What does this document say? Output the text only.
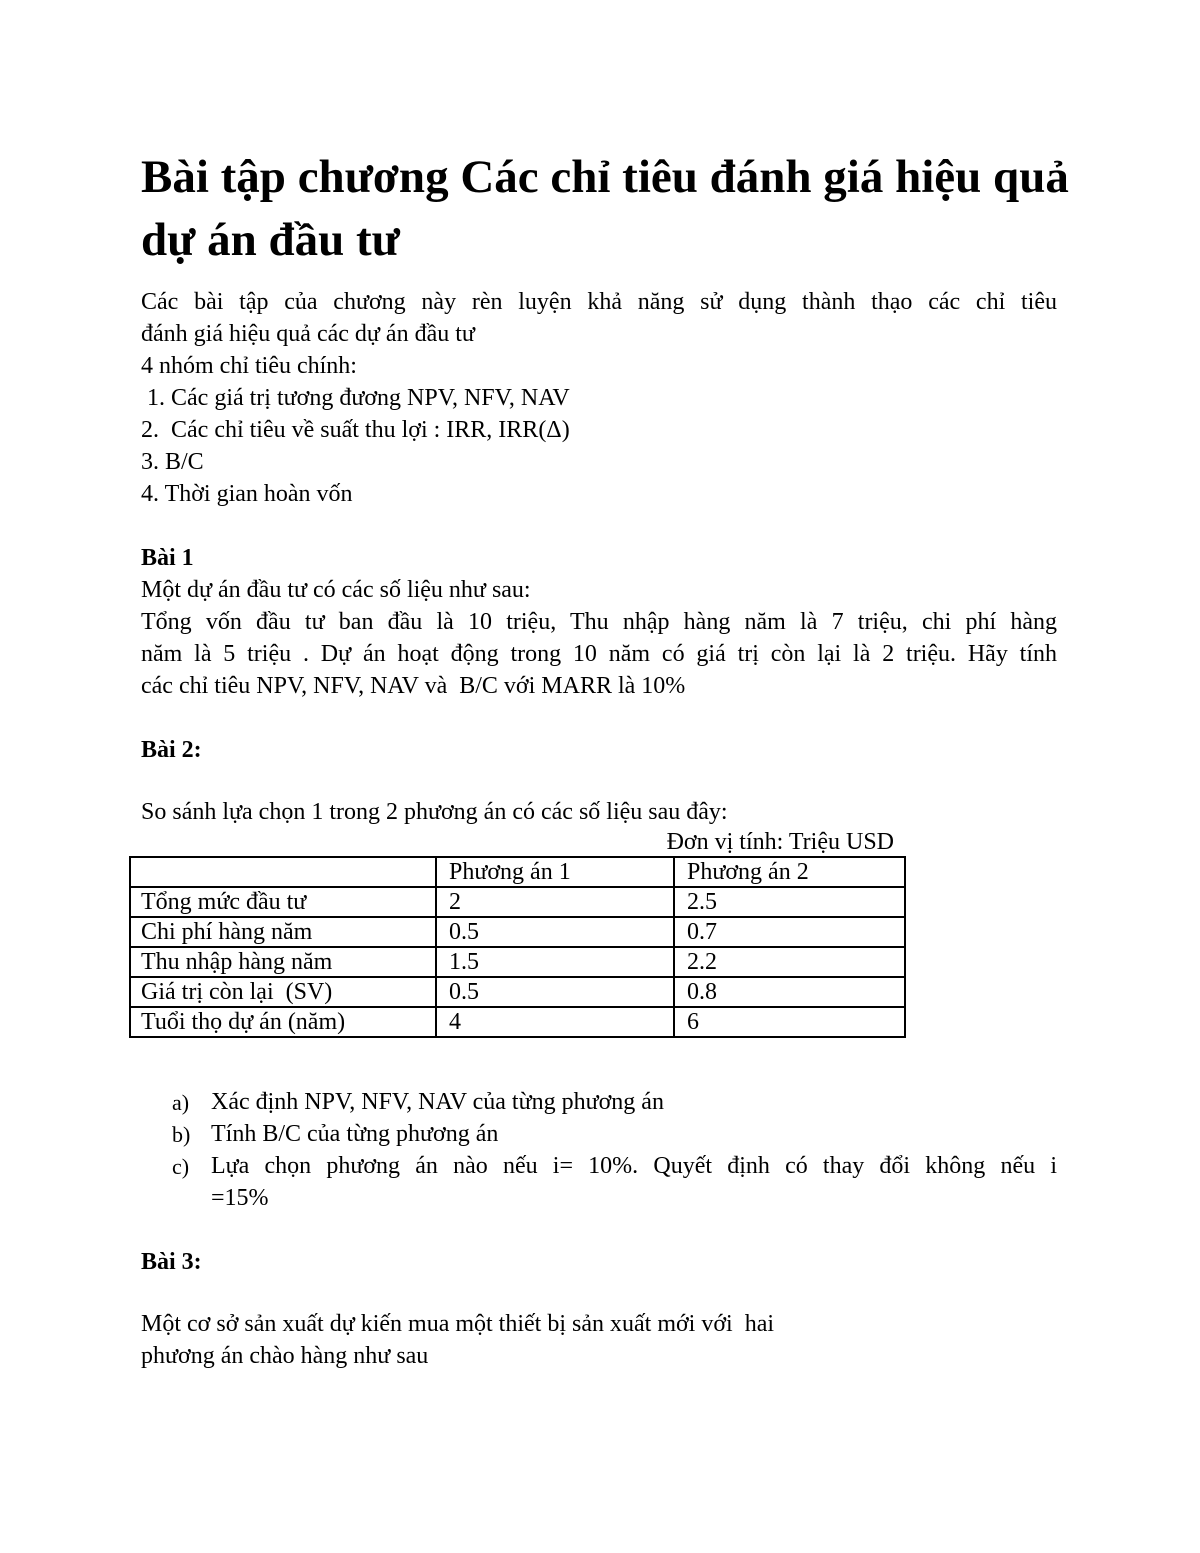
Bài tập chương Các chỉ tiêu đánh giá hiệu quả dự án đầu tư
Các bài tập của chương này rèn luyện khả năng sử dụng thành thạo các chỉ tiêu
đánh giá hiệu quả các dự án đầu tư
4 nhóm chỉ tiêu chính:
1. Các giá trị tương đương NPV, NFV, NAV
2.  Các chỉ tiêu về suất thu lợi : IRR, IRR(Δ)
3. B/C
4. Thời gian hoàn vốn
Bài 1
Một dự án đầu tư có các số liệu như sau:
Tổng vốn đầu tư ban đầu là 10 triệu, Thu nhập hàng năm là 7 triệu, chi phí hàng
năm là 5 triệu . Dự án hoạt động trong 10 năm có giá trị còn lại là 2 triệu. Hãy tính
các chỉ tiêu NPV, NFV, NAV và  B/C với MARR là 10%
Bài 2:
So sánh lựa chọn 1 trong 2 phương án có các số liệu sau đây:
Đơn vị tính: Triệu USD
	Phương án 1	Phương án 2
Tổng mức đầu tư	2	2.5
Chi phí hàng năm	0.5	0.7
Thu nhập hàng năm	1.5	2.2
Giá trị còn lại  (SV)	0.5	0.8
Tuổi thọ dự án (năm)	4	6
a) Xác định NPV, NFV, NAV của từng phương án
b) Tính B/C của từng phương án
c) Lựa chọn phương án nào nếu i= 10%. Quyết định có thay đổi không nếu i
=15%
Bài 3:
Một cơ sở sản xuất dự kiến mua một thiết bị sản xuất mới với  hai
phương án chào hàng như sau
